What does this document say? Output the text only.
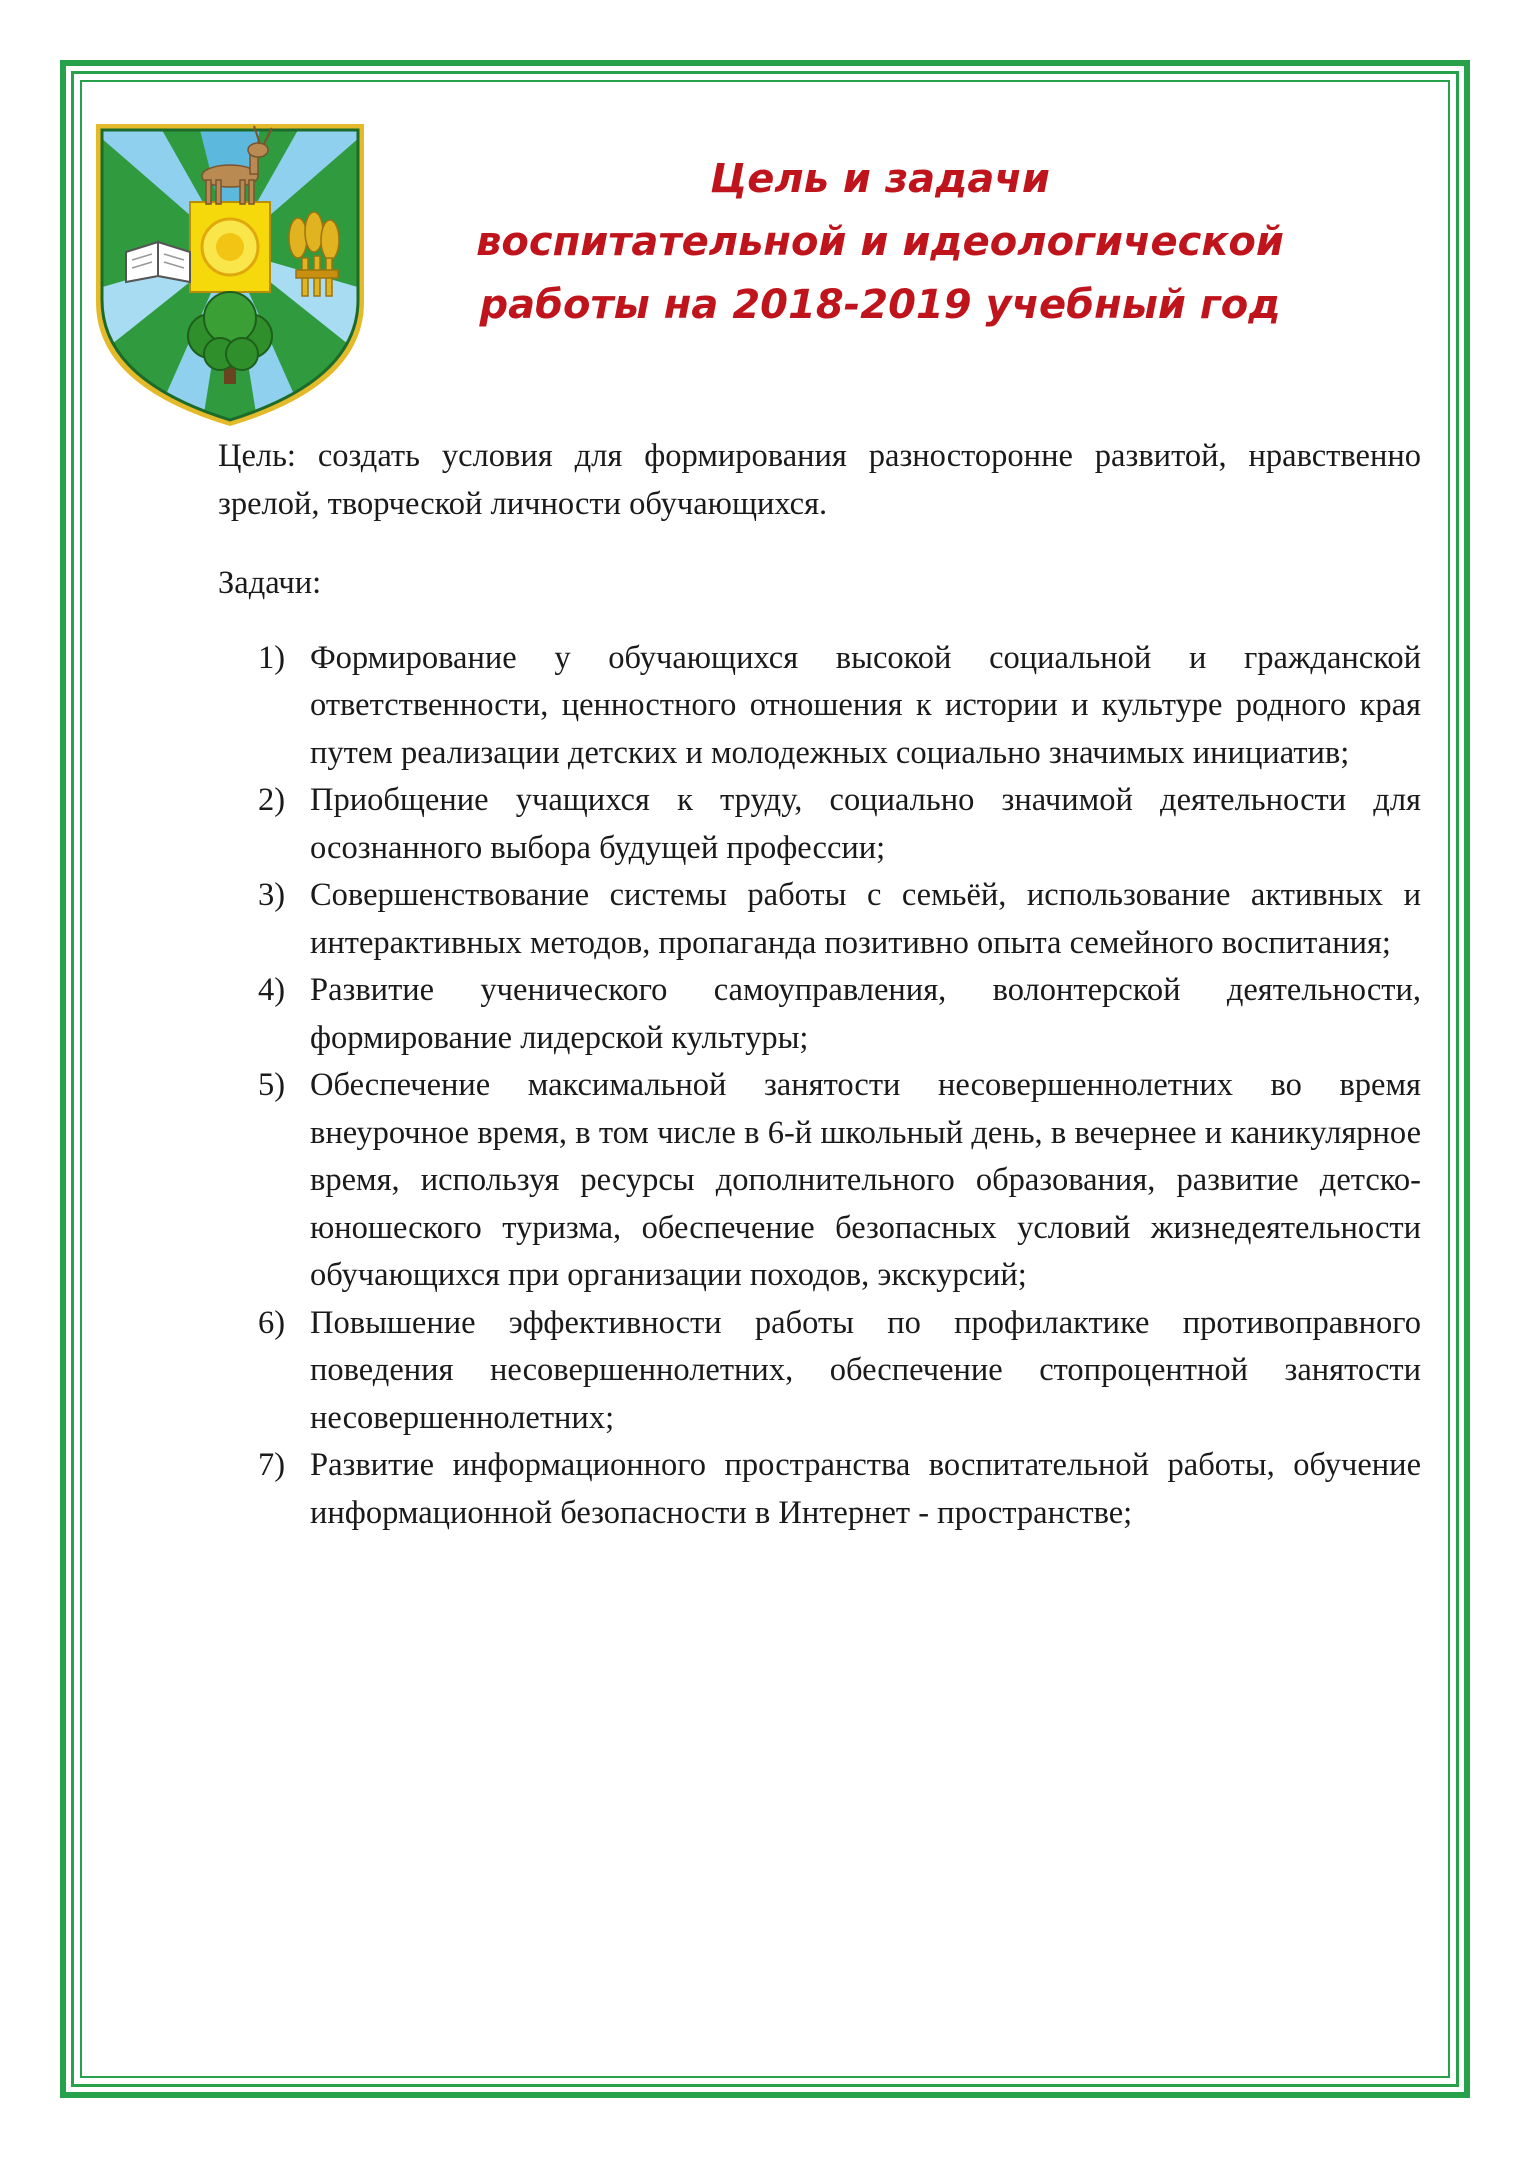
Цель и задачи
воспитательной и идеологической
работы на 2018-2019 учебный год

Цель: создать условия для формирования разносторонне развитой, нравственно зрелой, творческой личности обучающихся.

Задачи:

1) Формирование у обучающихся высокой социальной и гражданской ответственности, ценностного отношения к истории и культуре родного края путем реализации детских и молодежных социально значимых инициатив;
2) Приобщение учащихся к труду, социально значимой деятельности для осознанного выбора будущей профессии;
3) Совершенствование системы работы с семьёй, использование активных и интерактивных методов, пропаганда позитивно опыта семейного воспитания;
4) Развитие ученического самоуправления, волонтерской деятельности, формирование лидерской культуры;
5) Обеспечение максимальной занятости несовершеннолетних во время внеурочное время, в том числе в 6-й школьный день, в вечернее и каникулярное время, используя ресурсы дополнительного образования, развитие детско-юношеского туризма, обеспечение безопасных условий жизнедеятельности обучающихся при организации походов, экскурсий;
6) Повышение эффективности работы по профилактике противоправного поведения несовершеннолетних, обеспечение стопроцентной занятости несовершеннолетних;
7) Развитие информационного пространства воспитательной работы, обучение информационной безопасности в Интернет - пространстве;
